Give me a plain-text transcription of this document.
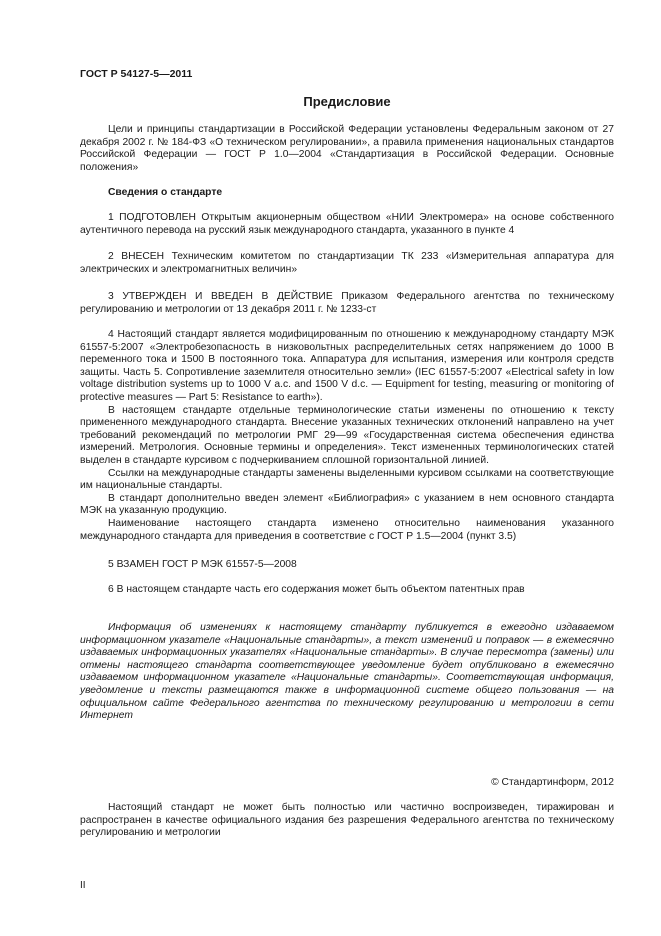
ГОСТ Р 54127-5—2011
Предисловие

Цели и принципы стандартизации в Российской Федерации установлены Федеральным законом от 27 декабря 2002 г. № 184-ФЗ «О техническом регулировании», а правила применения национальных стандартов Российской Федерации — ГОСТ Р 1.0—2004 «Стандартизация в Российской Федерации. Основные положения»

Сведения о стандарте

1 ПОДГОТОВЛЕН Открытым акционерным обществом «НИИ Электромера» на основе собственного аутентичного перевода на русский язык международного стандарта, указанного в пункте 4

2 ВНЕСЕН Техническим комитетом по стандартизации ТК 233 «Измерительная аппаратура для электрических и электромагнитных величин»

3 УТВЕРЖДЕН И ВВЕДЕН В ДЕЙСТВИЕ Приказом Федерального агентства по техническому регулированию и метрологии от 13 декабря 2011 г. № 1233-ст

4 Настоящий стандарт является модифицированным по отношению к международному стандарту МЭК 61557-5:2007 «Электробезопасность в низковольтных распределительных сетях напряжением до 1000 В переменного тока и 1500 В постоянного тока. Аппаратура для испытания, измерения или контроля средств защиты. Часть 5. Сопротивление заземлителя относительно земли» (IEC 61557-5:2007 «Electrical safety in low voltage distribution systems up to 1000 V a.c. and 1500 V d.c. — Equipment for testing, measuring or monitoring of protective measures — Part 5: Resistance to earth»).

В настоящем стандарте отдельные терминологические статьи изменены по отношению к тексту примененного международного стандарта. Внесение указанных технических отклонений направлено на учет требований рекомендаций по метрологии РМГ 29—99 «Государственная система обеспечения единства измерений. Метрология. Основные термины и определения». Текст измененных терминологических статей выделен в стандарте курсивом с подчеркиванием сплошной горизонтальной линией.

Ссылки на международные стандарты заменены выделенными курсивом ссылками на соответствующие им национальные стандарты.

В стандарт дополнительно введен элемент «Библиография» с указанием в нем основного стандарта МЭК на указанную продукцию.

Наименование настоящего стандарта изменено относительно наименования указанного международного стандарта для приведения в соответствие с ГОСТ Р 1.5—2004 (пункт 3.5)

5 ВЗАМЕН ГОСТ Р МЭК 61557-5—2008

6 В настоящем стандарте часть его содержания может быть объектом патентных прав

Информация об изменениях к настоящему стандарту публикуется в ежегодно издаваемом информационном указателе «Национальные стандарты», а текст изменений и поправок — в ежемесячно издаваемых информационных указателях «Национальные стандарты». В случае пересмотра (замены) или отмены настоящего стандарта соответствующее уведомление будет опубликовано в ежемесячно издаваемом информационном указателе «Национальные стандарты». Соответствующая информация, уведомление и тексты размещаются также в информационной системе общего пользования — на официальном сайте Федерального агентства по техническому регулированию и метрологии в сети Интернет

© Стандартинформ, 2012

Настоящий стандарт не может быть полностью или частично воспроизведен, тиражирован и распространен в качестве официального издания без разрешения Федерального агентства по техническому регулированию и метрологии

II
